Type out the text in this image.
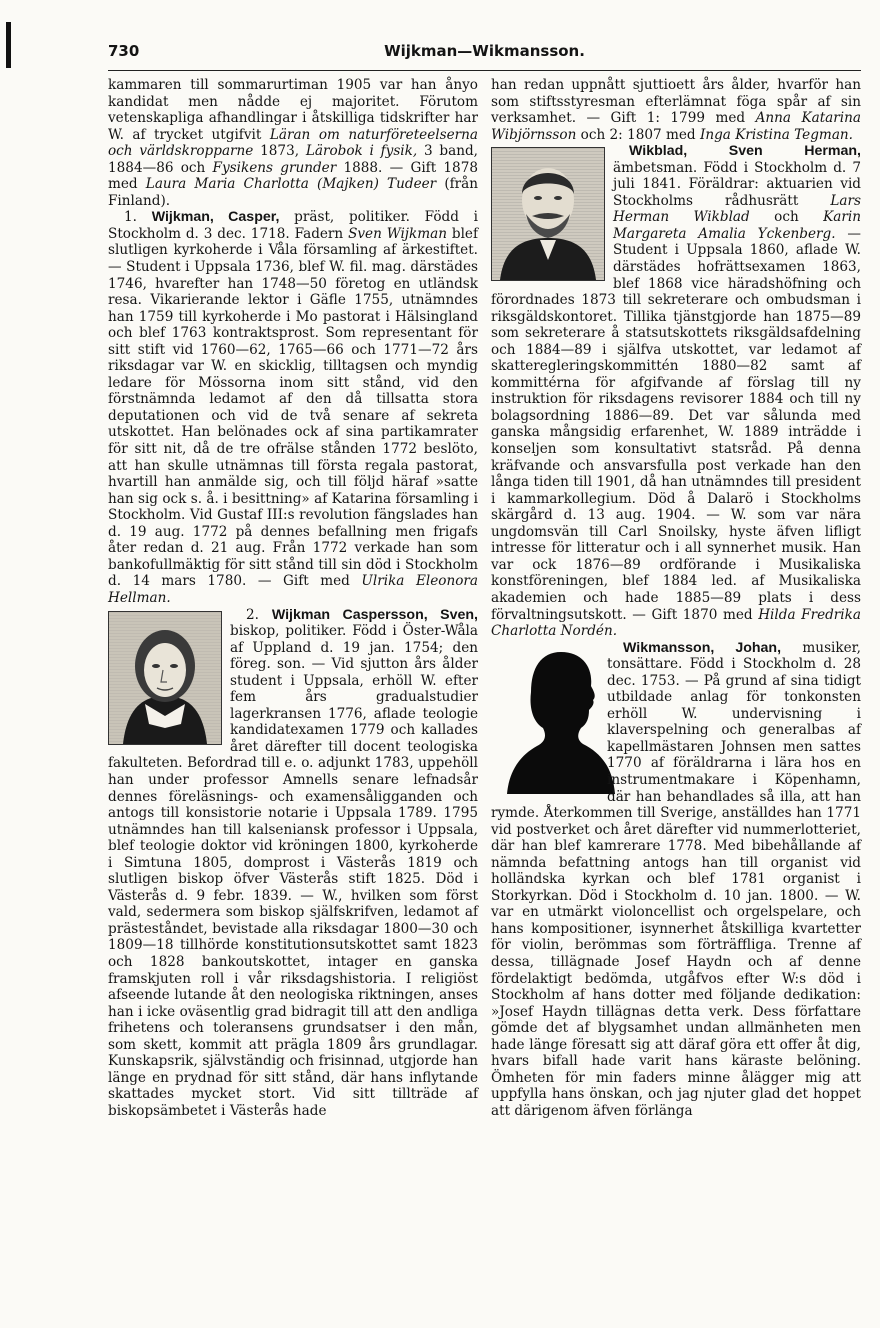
730	Wijkman—Wikmansson.

kammaren till sommarurtiman 1905 var han ånyo kandidat men nådde ej majoritet. Förutom vetenskapliga afhandlingar i åtskilliga tidskrifter har W. af trycket utgifvit Läran om naturföreteelserna och världskropparne 1873, Lärobok i fysik, 3 band, 1884—86 och Fysikens grunder 1888. — Gift 1878 med Laura Maria Charlotta (Majken) Tudeer (från Finland).

1. Wijkman, Casper, präst, politiker. Född i Stockholm d. 3 dec. 1718. Fadern Sven Wijkman blef slutligen kyrkoherde i Våla församling af ärkestiftet. — Student i Uppsala 1736, blef W. fil. mag. därstädes 1746, hvarefter han 1748—50 företog en utländsk resa. Vikarierande lektor i Gäfle 1755, utnämndes han 1759 till kyrkoherde i Mo pastorat i Hälsingland och blef 1763 kontraktsprost. Som representant för sitt stift vid 1760—62, 1765—66 och 1771—72 års riksdagar var W. en skicklig, tilltagsen och myndig ledare för Mössorna inom sitt stånd, vid den förstnämnda ledamot af den då tillsatta stora deputationen och vid de två senare af sekreta utskottet. Han belönades ock af sina partikamrater för sitt nit, då de tre ofrälse stånden 1772 beslöto, att han skulle utnämnas till första regala pastorat, hvartill han anmälde sig, och till följd häraf »satte han sig ock s. å. i besittning» af Katarina församling i Stockholm. Vid Gustaf III:s revolution fängslades han d. 19 aug. 1772 på dennes befallning men frigafs åter redan d. 21 aug. Från 1772 verkade han som bankofullmäktig för sitt stånd till sin död i Stockholm d. 14 mars 1780. — Gift med Ulrika Eleonora Hellman.

2. Wijkman Caspersson, Sven,
biskop, politiker. Född i Öster-Wåla af Uppland d. 19 jan. 1754; den föreg. son. — Vid sjutton års ålder student i Uppsala, erhöll W. efter fem års gradualstudier lagerkransen 1776, aflade teologie kandidatexamen 1779 och kallades året därefter till docent teologiska fakulteten. Befordrad till e. o. adjunkt 1783, uppehöll han under professor Amnells senare lefnadsår dennes föreläsnings- och examensåligganden och antogs till konsistorie notarie i Uppsala 1789. 1795 utnämndes han till kalseniansk professor i Uppsala, blef teologie doktor vid kröningen 1800, kyrkoherde i Simtuna 1805, domprost i Västerås 1819 och slutligen biskop öfver Västerås stift 1825. Död i Västerås d. 9 febr. 1839. — W., hvilken som först vald, sedermera som biskop själfskrifven, ledamot af prästeståndet, bevistade alla riksdagar 1800—30 och 1809—18 tillhörde konstitutionsutskottet samt 1823 och 1828 bankoutskottet, intager en ganska framskjuten roll i vår riksdagshistoria. I religiöst afseende lutande åt den neologiska riktningen, anses han i icke oväsentlig grad bidragit till att den andliga frihetens och toleransens grundsatser i den mån, som skett, kommit att prägla 1809 års grundlagar. Kunskapsrik, självständig och frisinnad, utgjorde han länge en prydnad för sitt stånd, där hans inflytande skattades mycket stort. Vid sitt tillträde af biskopsämbetet i Västerås hade

han redan uppnått sjuttioett års ålder, hvarför han som stiftsstyresman efterlämnat föga spår af sin verksamhet. — Gift 1: 1799 med Anna Katarina Wibjörnsson och 2: 1807 med Inga Kristina Tegman.

Wikblad, Sven Herman,
ämbetsman. Född i Stockholm d. 7 juli 1841. Föräldrar: aktuarien vid Stockholms rådhusrätt Lars Herman Wikblad och Karin Margareta Amalia Yckenberg. — Student i Uppsala 1860, aflade W. därstädes hofrättsexamen 1863, blef 1868 vice häradshöfning och förordnades 1873 till sekreterare och ombudsman i riksgäldskontoret. Tillika tjänstgjorde han 1875—89 som sekreterare å statsutskottets riksgäldsafdelning och 1884—89 i själfva utskottet, var ledamot af skatteregleringskommittén 1880—82 samt af kommittérna för afgifvande af förslag till ny instruktion för riksdagens revisorer 1884 och till ny bolagsordning 1886—89. Det var sålunda med ganska mångsidig erfarenhet, W. 1889 inträdde i konseljen som konsultativt statsråd. På denna kräfvande och ansvarsfulla post verkade han den långa tiden till 1901, då han utnämndes till president i kammarkollegium. Död å Dalarö i Stockholms skärgård d. 13 aug. 1904. — W. som var nära ungdomsvän till Carl Snoilsky, hyste äfven lifligt intresse för litteratur och i all synnerhet musik. Han var ock 1876—89 ordförande i Musikaliska konstföreningen, blef 1884 led. af Musikaliska akademien och hade 1885—89 plats i dess förvaltningsutskott. — Gift 1870 med Hilda Fredrika Charlotta Nordén.

Wikmansson, Johan,
musiker, tonsättare. Född i Stockholm d. 28 dec. 1753. — På grund af sina tidigt utbildade anlag för tonkonsten erhöll W. undervisning i klaverspelning och generalbas af kapellmästaren Johnsen men sattes 1770 af föräldrarna i lära hos en instrumentmakare i Köpenhamn, där han behandlades så illa, att han rymde. Återkommen till Sverige, anställdes han 1771 vid postverket och året därefter vid nummerlotteriet, där han blef kamrerare 1778. Med bibehållande af nämnda befattning antogs han till organist vid holländska kyrkan och blef 1781 organist i Storkyrkan. Död i Stockholm d. 10 jan. 1800. — W. var en utmärkt violoncellist och orgelspelare, och hans kompositioner, isynnerhet åtskilliga kvartetter för violin, berömmas som förträffliga. Trenne af dessa, tillägnade Josef Haydn och af denne fördelaktigt bedömda, utgåfvos efter W:s död i Stockholm af hans dotter med följande dedikation: »Josef Haydn tillägnas detta verk. Dess författare gömde det af blygsamhet undan allmänheten men hade länge föresatt sig att däraf göra ett offer åt dig, hvars bifall hade varit hans käraste belöning. Ömheten för min faders minne ålägger mig att uppfylla hans önskan, och jag njuter glad det hoppet att därigenom äfven förlänga
